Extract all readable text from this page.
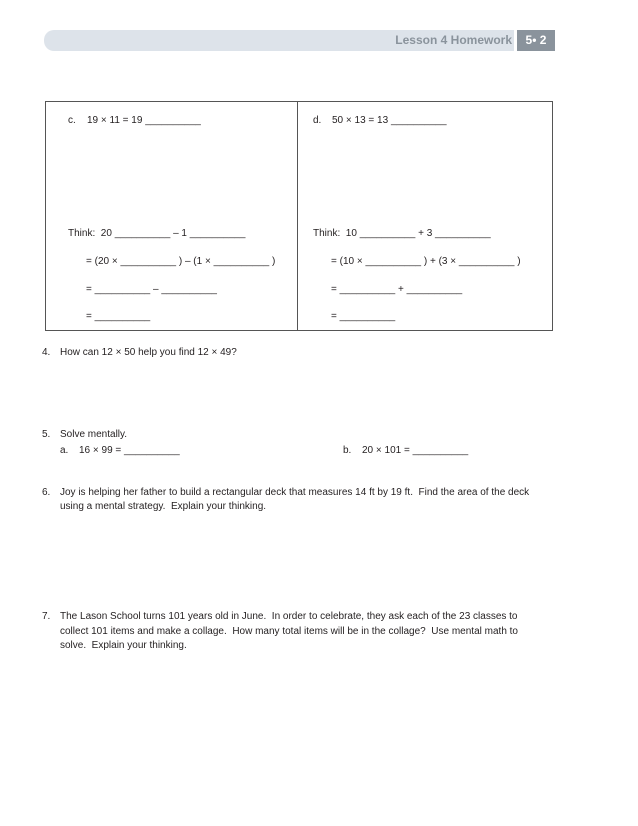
Lesson 4 Homework	5• 2
c. 19 × 11 = 19 __________
Think:  20 __________ – 1 __________
= (20 × __________ ) – (1 × __________ )
= __________ – __________
= __________
d. 50 × 13 = 13 __________
Think:  10 __________ + 3 __________
= (10 × __________ ) + (3 × __________ )
= __________ + __________
= __________
4. How can 12 × 50 help you find 12 × 49?
5. Solve mentally.
a. 16 × 99 = __________	b. 20 × 101 = __________
6. Joy is helping her father to build a rectangular deck that measures 14 ft by 19 ft.  Find the area of the deck
using a mental strategy.  Explain your thinking.
7. The Lason School turns 101 years old in June.  In order to celebrate, they ask each of the 23 classes to
collect 101 items and make a collage.  How many total items will be in the collage?  Use mental math to
solve.  Explain your thinking.
